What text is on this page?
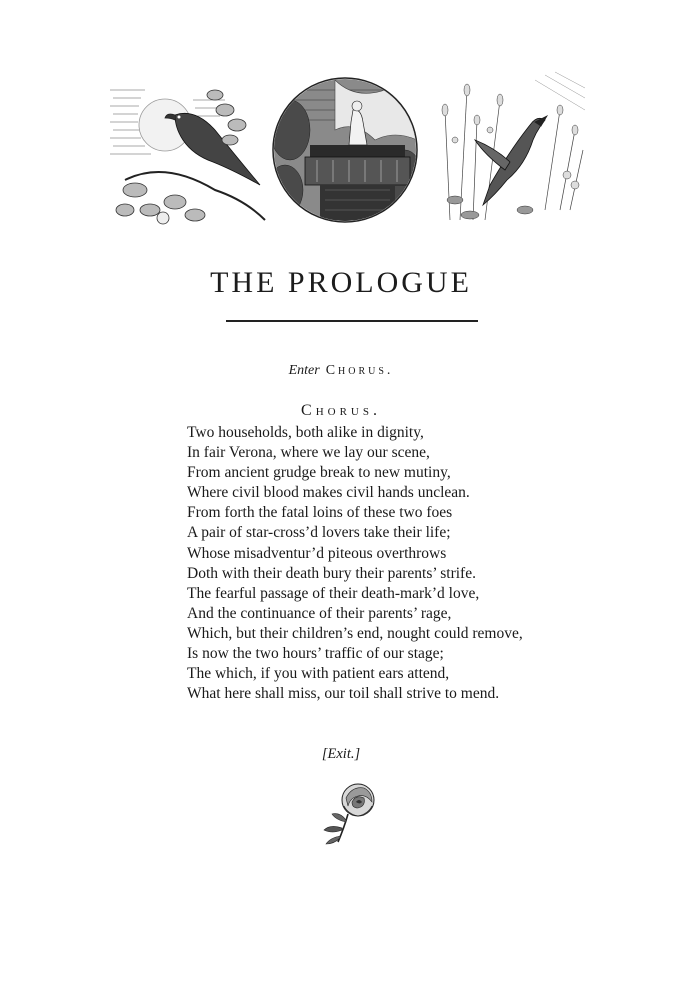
THE PROLOGUE
Enter Chorus.
Chorus.
Two households, both alike in dignity,
In fair Verona, where we lay our scene,
From ancient grudge break to new mutiny,
Where civil blood makes civil hands unclean.
From forth the fatal loins of these two foes
A pair of star-cross’d lovers take their life;
Whose misadventur’d piteous overthrows
Doth with their death bury their parents’ strife.
The fearful passage of their death-mark’d love,
And the continuance of their parents’ rage,
Which, but their children’s end, nought could remove,
Is now the two hours’ traffic of our stage;
The which, if you with patient ears attend,
What here shall miss, our toil shall strive to mend.
[Exit.]
